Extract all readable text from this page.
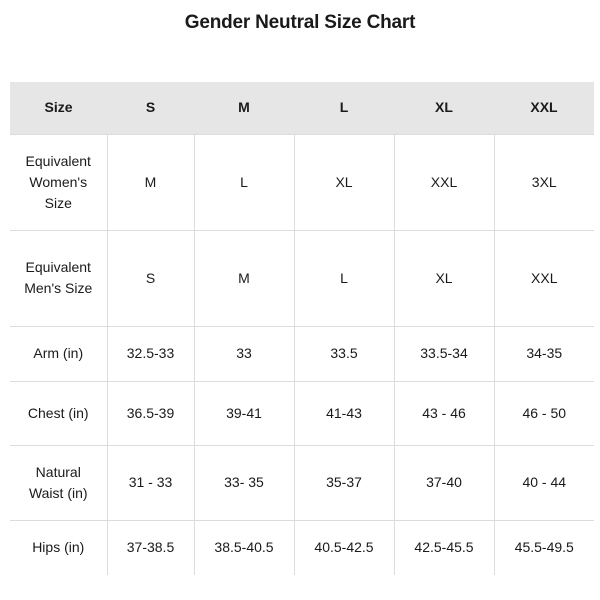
Gender Neutral Size Chart
Size	S	M	L	XL	XXL

Equivalent Women's Size	M	L	XL	XXL	3XL

Equivalent Men's Size	S	M	L	XL	XXL

Arm (in)	32.5-33	33	33.5	33.5-34	34-35

Chest (in)	36.5-39	39-41	41-43	43 - 46	46 - 50

Natural Waist (in)	31 - 33	33- 35	35-37	37-40	40 - 44

Hips (in)	37-38.5	38.5-40.5	40.5-42.5	42.5-45.5	45.5-49.5
